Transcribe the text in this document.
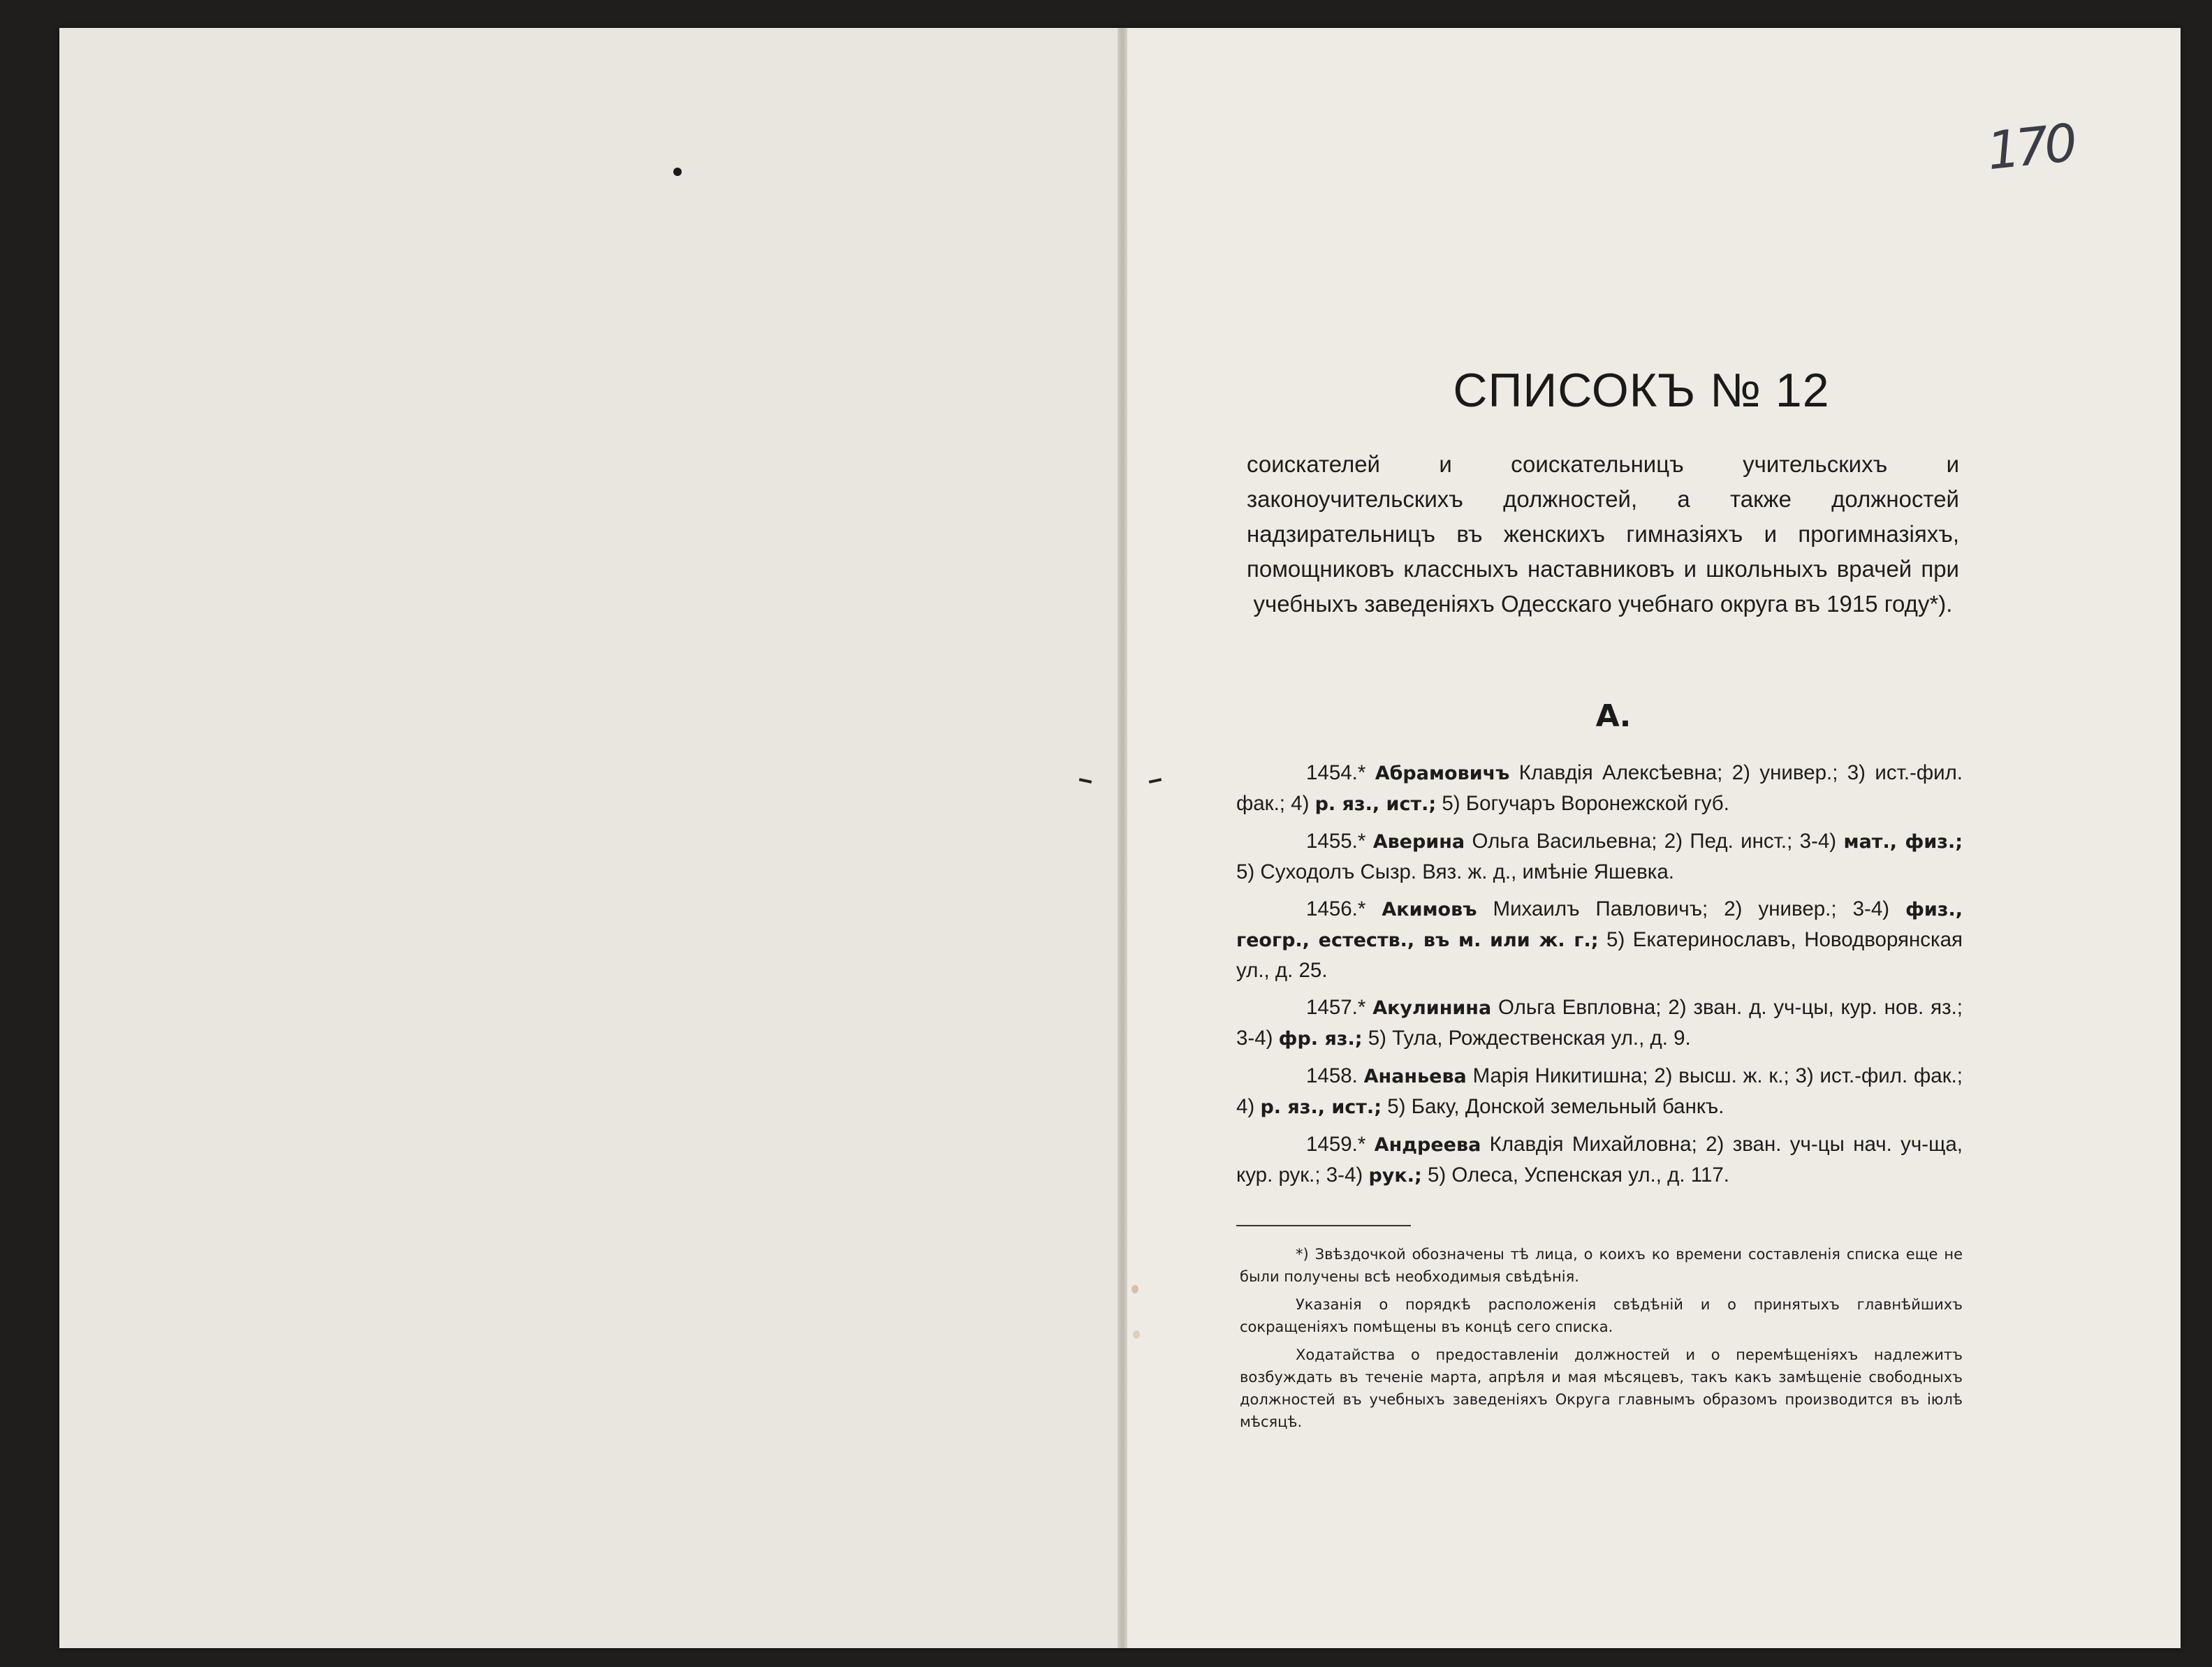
170
СПИСОКЪ № 12
соискателей и соискательницъ учительскихъ и законоучительскихъ должностей, а также должностей надзирательницъ въ женскихъ гимназіяхъ и прогимназіяхъ, помощниковъ классныхъ наставниковъ и школьныхъ врачей при учебныхъ заведеніяхъ Одесскаго учебнаго округа въ 1915 году*).
А.

1454.* Абрамовичъ Клавдія Алексѣевна; 2) универ.; 3) ист.-фил. фак.; 4) р. яз., ист.; 5) Богучаръ Воронежской губ.

1455.* Аверина Ольга Васильевна; 2) Пед. инст.; 3-4) мат., физ.; 5) Суходолъ Сызр. Вяз. ж. д., имѣніе Яшевка.

1456.* Акимовъ Михаилъ Павловичъ; 2) универ.; 3-4) физ., геогр., естеств., въ м. или ж. г.; 5) Екатеринославъ, Новодворянская ул., д. 25.

1457.* Акулинина Ольга Евпловна; 2) зван. д. уч-цы, кур. нов. яз.; 3-4) фр. яз.; 5) Тула, Рождественская ул., д. 9.

1458. Ананьева Марія Никитишна; 2) высш. ж. к.; 3) ист.-фил. фак.; 4) р. яз., ист.; 5) Баку, Донской земельный банкъ.

1459.* Андреева Клавдія Михайловна; 2) зван. уч-цы нач. уч-ща, кур. рук.; 3-4) рук.; 5) Олеса, Успенская ул., д. 117.

*) Звѣздочкой обозначены тѣ лица, о коихъ ко времени составленія списка еще не были получены всѣ необходимыя свѣдѣнія.

Указанія о порядкѣ расположенія свѣдѣній и о принятыхъ главнѣйшихъ сокращеніяхъ помѣщены въ концѣ сего списка.

Ходатайства о предоставленіи должностей и о перемѣщеніяхъ надлежитъ возбуждать въ теченіе марта, апрѣля и мая мѣсяцевъ, такъ какъ замѣщеніе свободныхъ должностей въ учебныхъ заведеніяхъ Округа главнымъ образомъ производится въ іюлѣ мѣсяцѣ.
